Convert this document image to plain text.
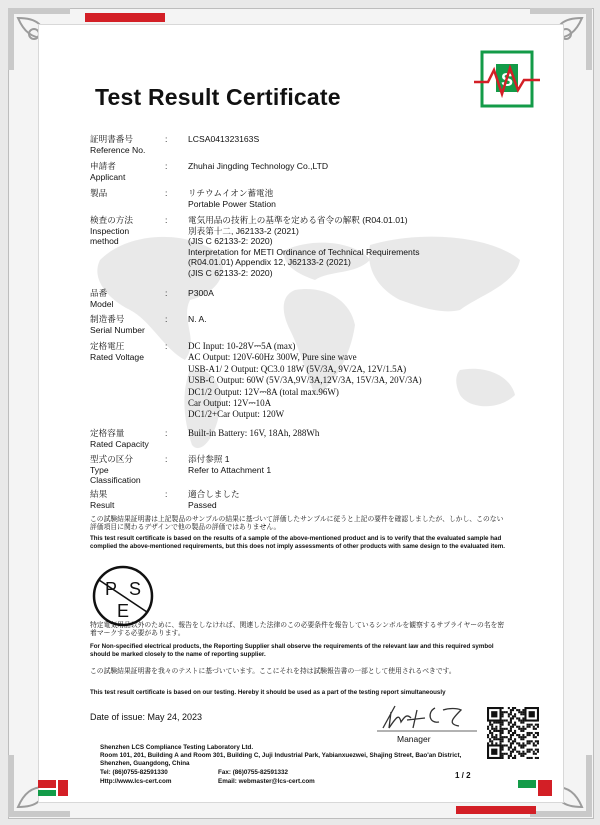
Test Result Certificate
S
証明書番号
Reference No.
: LCSA041323163S
申請者
Applicant
: Zhuhai Jingding Technology Co.,LTD
製品	: リチウムイオン蓄電池
Portable Power Station
検査の方法
Inspection method
: 電気用品の技術上の基準を定める省令の解釈 (R04.01.01)
別表第十二, J62133-2 (2021)
(JIS C 62133-2: 2020)
Interpretation for METI Ordinance of Technical Requirements
(R04.01.01) Appendix 12, J62133-2 (2021)
(JIS C 62133-2: 2020)
品番
Model
: P300A
制造番号
Serial Number
: N. A.
定格電圧
Rated Voltage
: DC Input: 10-28V⎓5A (max)
AC Output: 120V-60Hz 300W, Pure sine wave
USB-A1/ 2 Output: QC3.0 18W (5V/3A, 9V/2A, 12V/1.5A)
USB-C Output: 60W (5V/3A,9V/3A,12V/3A, 15V/3A, 20V/3A)
DC1/2 Output: 12V⎓8A (total max.96W)
Car Output: 12V⎓10A
DC1/2+Car Output: 120W
定格容量
Rated Capacity
: Built-in Battery: 16V, 18Ah, 288Wh
型式の区分
Type Classification
: 添付参照 1
Refer to Attachment 1
結果
Result
: 適合しました
Passed
この試験結果証明書は上記製品のサンプルの結果に基づいて評価したサンプルに従うと上記の要件を確認しましたが、しかし、このない評価項目に関わるデザインで他の製品の評価ではありません。
This test result certificate is based on the results of a sample of the above-mentioned product and is to verify that the evaluated sample had complied the above-mentioned requirements, but this does not imply assessments of other products with same design to the evaluated item.
P S
E
特定電気用品以外のために、報告をしなければ、関連した法律のこの必要条件を報告しているシンボルを観察するサプライヤーの名を密着マークする必要があります。
For Non-specified electrical products, the Reporting Supplier shall observe the requirements of the relevant law and this required symbol should be marked closely to the name of reporting supplier.
この試験結果証明書を我々のテストに基づいています。ここにそれを持は試験報告書の一部として使用されるべきです。
This test result certificate is based on our testing. Hereby it should be used as a part of the testing report simultaneously
Date of issue: May 24, 2023
Manager
Shenzhen LCS Compliance Testing Laboratory Ltd.
Room 101, 201, Building A and Room 301, Building C, Juji Industrial Park, Yabianxuezwei, Shajing Street, Bao'an District, Shenzhen, Guangdong, China
Tel: (86)0755-82591330	Fax: (86)0755-82591332
Http://www.lcs-cert.com	Email: webmaster@lcs-cert.com
1 / 2
